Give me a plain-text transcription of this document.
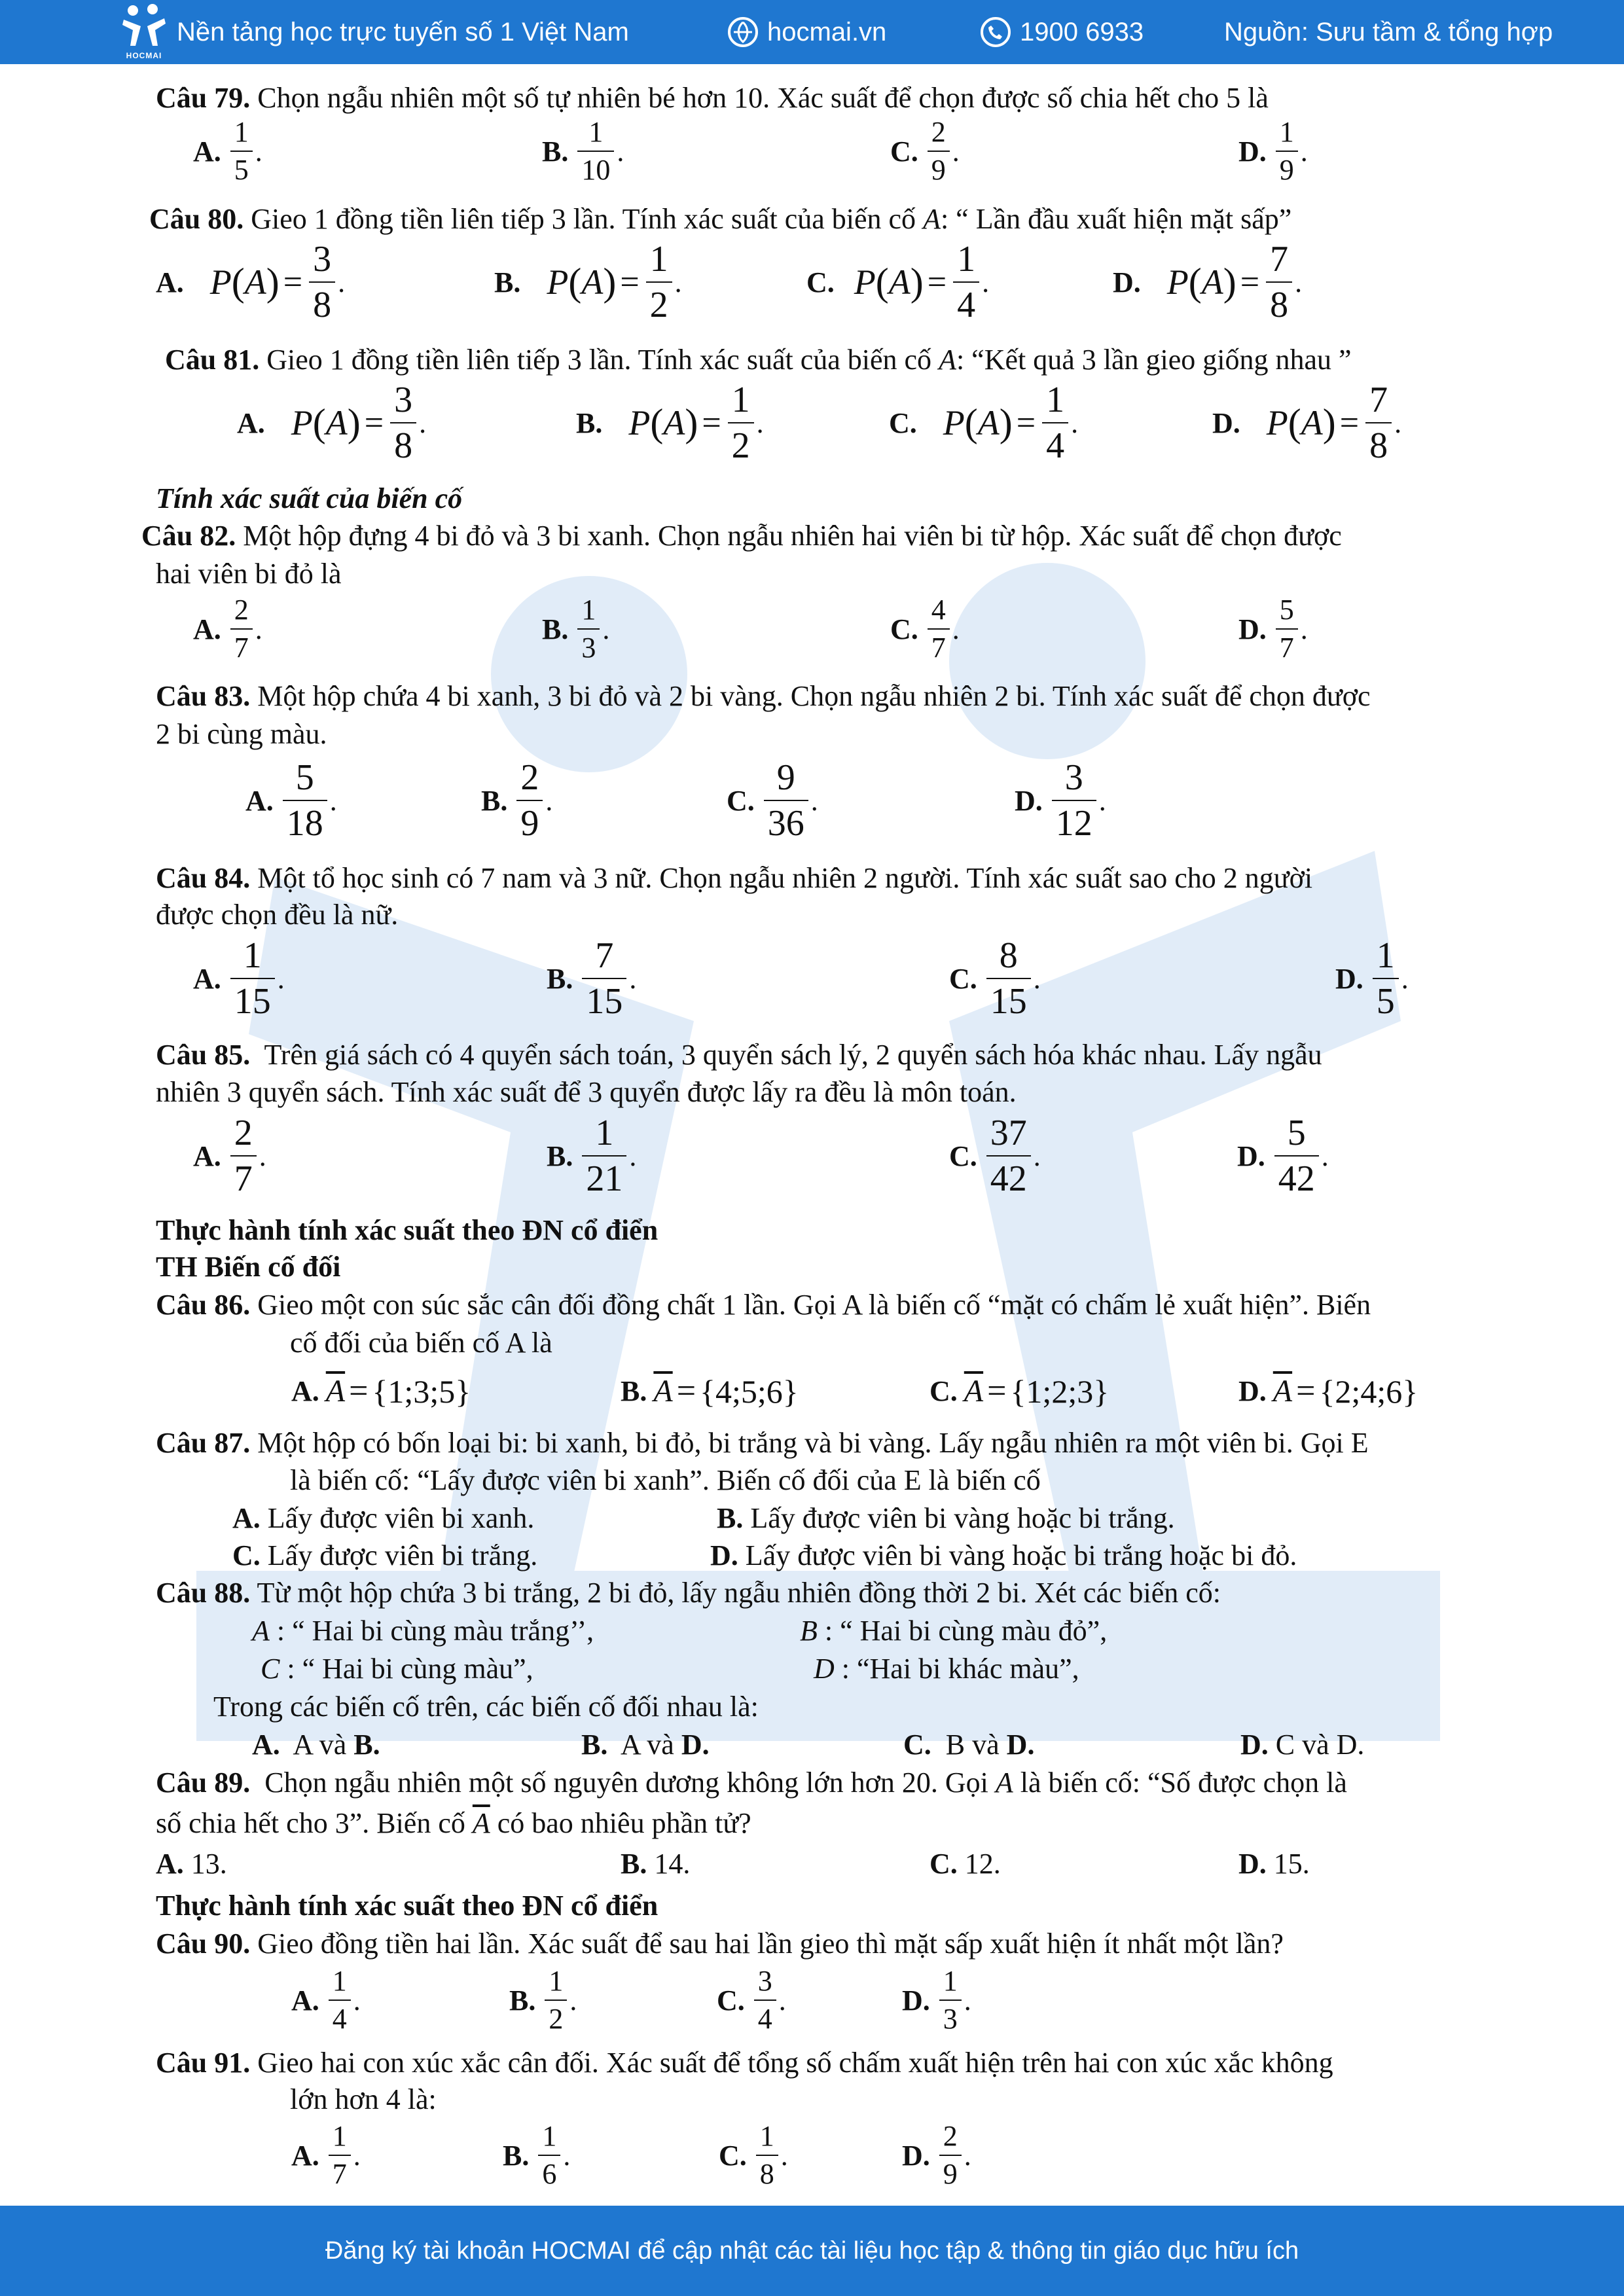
HOCMAI
Nền tảng học trực tuyến số 1 Việt Nam	hocmai.vn	1900 6933	Nguồn: Sưu tầm & tổng hợp
Câu 79. Chọn ngẫu nhiên một số tự nhiên bé hơn 10. Xác suất để chọn được số chia hết cho 5 là
A. $\frac{1}{5}$ .	B. $\frac{1}{10}$ .	C. $\frac{2}{9}$ .	D. $\frac{1}{9}$ .
Câu 80. Gieo 1 đồng tiền liên tiếp 3 lần. Tính xác suất của biến cố A: “ Lần đầu xuất hiện mặt sấp”
A. P ( A ) = $\frac{3}{8}$ .	B. P ( A ) = $\frac{1}{2}$ .	C. P ( A ) = $\frac{1}{4}$ .	D. P ( A ) = $\frac{7}{8}$ .
Câu 81. Gieo 1 đồng tiền liên tiếp 3 lần. Tính xác suất của biến cố A: “Kết quả 3 lần gieo giống nhau ”
A. P ( A ) = $\frac{3}{8}$ .	B. P ( A ) = $\frac{1}{2}$ .	C. P ( A ) = $\frac{1}{4}$ .	D. P ( A ) = $\frac{7}{8}$ .
Tính xác suất của biến cố
Câu 82. Một hộp đựng 4 bi đỏ và 3 bi xanh. Chọn ngẫu nhiên hai viên bi từ hộp. Xác suất để chọn được
hai viên bi đỏ là
A. $\frac{2}{7}$ .	B. $\frac{1}{3}$ .	C. $\frac{4}{7}$ .	D. $\frac{5}{7}$ .
Câu 83. Một hộp chứa 4 bi xanh, 3 bi đỏ và 2 bi vàng. Chọn ngẫu nhiên 2 bi. Tính xác suất để chọn được
2 bi cùng màu.
A. $\frac{5}{18}$ .	B. $\frac{2}{9}$ .	C. $\frac{9}{36}$ .	D. $\frac{3}{12}$ .
Câu 84. Một tổ học sinh có 7 nam và 3 nữ. Chọn ngẫu nhiên 2 người. Tính xác suất sao cho 2 người
được chọn đều là nữ.
A. $\frac{1}{15}$ .	B. $\frac{7}{15}$ .	C. $\frac{8}{15}$ .	D. $\frac{1}{5}$ .
Câu 85. Trên giá sách có 4 quyển sách toán, 3 quyển sách lý, 2 quyển sách hóa khác nhau. Lấy ngẫu
nhiên 3 quyển sách. Tính xác suất để 3 quyển được lấy ra đều là môn toán.
A. $\frac{2}{7}$ .	B. $\frac{1}{21}$ .	C. $\frac{37}{42}$ .	D. $\frac{5}{42}$ .
Thực hành tính xác suất theo ĐN cổ điển
TH Biến cố đối
Câu 86. Gieo một con súc sắc cân đối đồng chất 1 lần. Gọi A là biến cố “mặt có chấm lẻ xuất hiện”. Biến
cố đối của biến cố A là
A. $\overline{A}$ = {1;3;5}	B. $\overline{A}$ = {4;5;6}	C. $\overline{A}$ = {1;2;3}	D. $\overline{A}$ = {2;4;6}
Câu 87. Một hộp có bốn loại bi: bi xanh, bi đỏ, bi trắng và bi vàng. Lấy ngẫu nhiên ra một viên bi. Gọi E
là biến cố: “Lấy được viên bi xanh”. Biến cố đối của E là biến cố
A. Lấy được viên bi xanh.	B. Lấy được viên bi vàng hoặc bi trắng.
C. Lấy được viên bi trắng.	D. Lấy được viên bi vàng hoặc bi trắng hoặc bi đỏ.
Câu 88. Từ một hộp chứa 3 bi trắng, 2 bi đỏ, lấy ngẫu nhiên đồng thời 2 bi. Xét các biến cố:
A : “ Hai bi cùng màu trắng’’,	B : “ Hai bi cùng màu đỏ”,
C : “ Hai bi cùng màu”,	D : “Hai bi khác màu”,
Trong các biến cố trên, các biến cố đối nhau là:
A. A và B.	B. A và D.	C. B và D.	D. C và D.
Câu 89. Chọn ngẫu nhiên một số nguyên dương không lớn hơn 20. Gọi A là biến cố: “Số được chọn là
số chia hết cho 3”. Biến cố $\overline{A}$ có bao nhiêu phần tử?
A. 13.	B. 14.	C. 12.	D. 15.
Thực hành tính xác suất theo ĐN cổ điển
Câu 90. Gieo đồng tiền hai lần. Xác suất để sau hai lần gieo thì mặt sấp xuất hiện ít nhất một lần?
A. $\frac{1}{4}$ .	B. $\frac{1}{2}$ .	C. $\frac{3}{4}$ .	D. $\frac{1}{3}$ .
Câu 91. Gieo hai con xúc xắc cân đối. Xác suất để tổng số chấm xuất hiện trên hai con xúc xắc không
lớn hơn 4 là:
A. $\frac{1}{7}$ .	B. $\frac{1}{6}$ .	C. $\frac{1}{8}$ .	D. $\frac{2}{9}$ .
Đăng ký tài khoản HOCMAI để cập nhật các tài liệu học tập & thông tin giáo dục hữu ích
